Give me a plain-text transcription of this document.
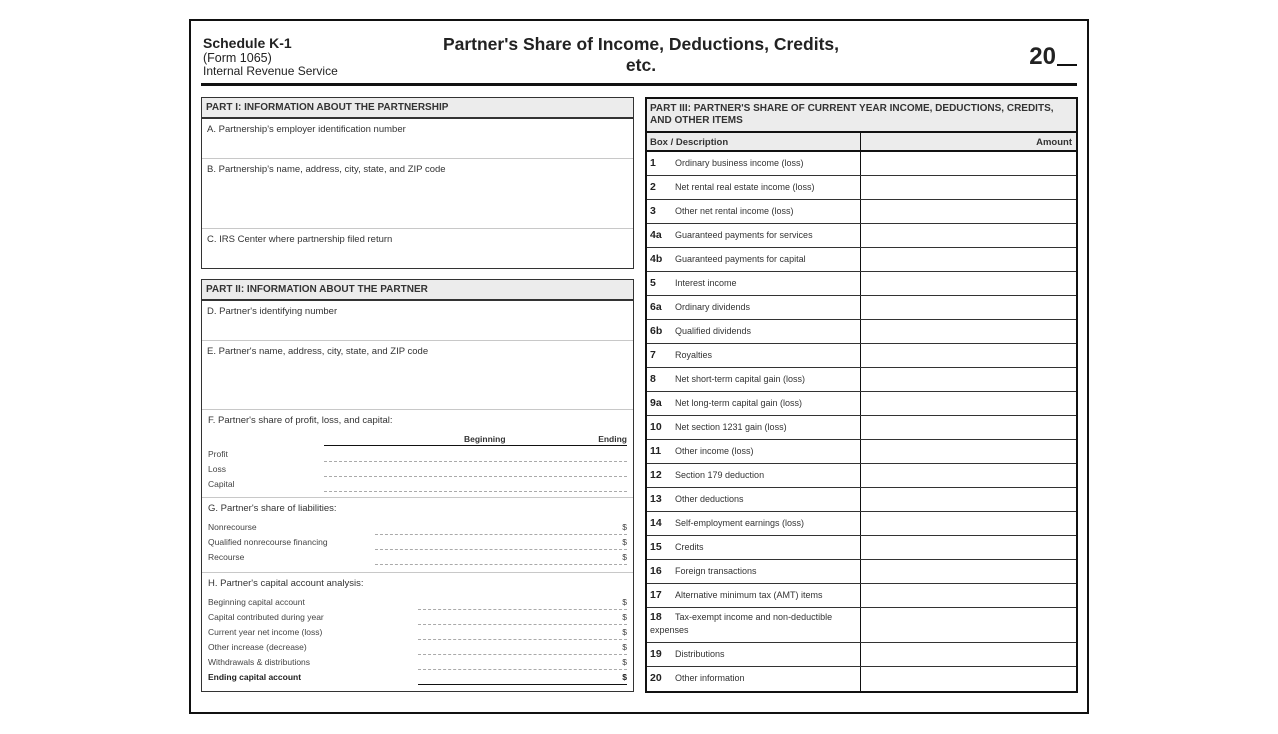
Schedule K-1
(Form 1065)
Internal Revenue Service
Partner's Share of Income, Deductions, Credits,
etc.	20
PART I: INFORMATION ABOUT THE PARTNERSHIP
A. Partnership's employer identification number
B. Partnership's name, address, city, state, and ZIP code
C. IRS Center where partnership filed return
PART II: INFORMATION ABOUT THE PARTNER
D. Partner's identifying number
E. Partner's name, address, city, state, and ZIP code
F. Partner's share of profit, loss, and capital:
Beginning	Ending
Profit
Loss
Capital
G. Partner's share of liabilities:
Nonrecourse	$
Qualified nonrecourse financing	$
Recourse	$
H. Partner's capital account analysis:
Beginning capital account	$
Capital contributed during year	$
Current year net income (loss)	$
Other increase (decrease)	$
Withdrawals & distributions	$
Ending capital account	$
PART III: PARTNER'S SHARE OF CURRENT YEAR INCOME, DEDUCTIONS, CREDITS, AND OTHER ITEMS
Box / Description	Amount
1 Ordinary business income (loss)
2 Net rental real estate income (loss)
3 Other net rental income (loss)
4a Guaranteed payments for services
4b Guaranteed payments for capital
5 Interest income
6a Ordinary dividends
6b Qualified dividends
7 Royalties
8 Net short-term capital gain (loss)
9a Net long-term capital gain (loss)
10 Net section 1231 gain (loss)
11 Other income (loss)
12 Section 179 deduction
13 Other deductions
14 Self-employment earnings (loss)
15 Credits
16 Foreign transactions
17 Alternative minimum tax (AMT) items
18 Tax-exempt income and non-deductible expenses
19 Distributions
20 Other information
